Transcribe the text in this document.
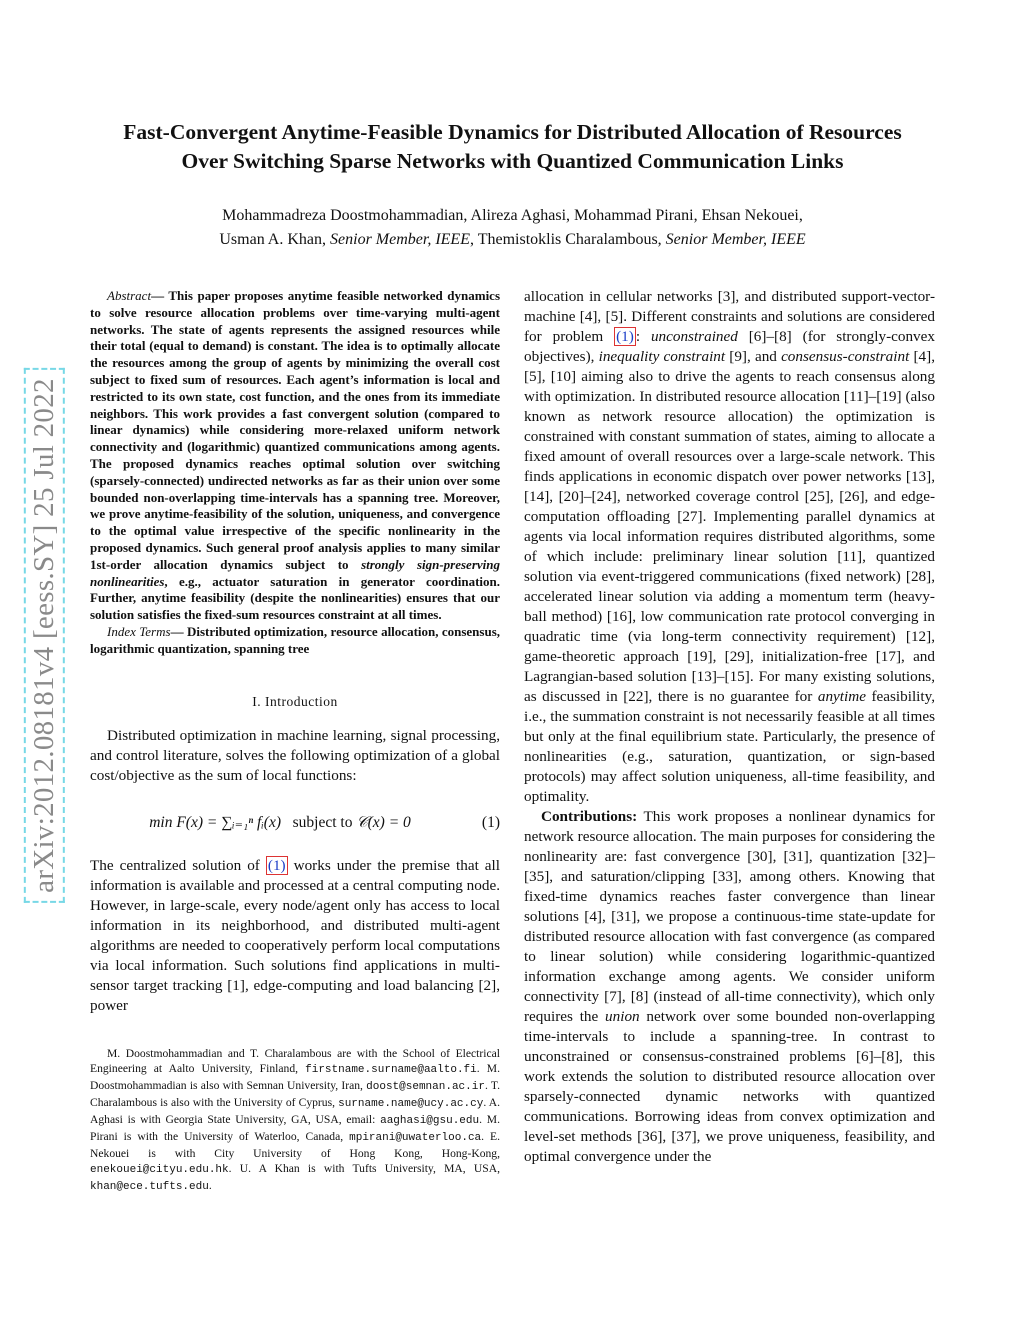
arXiv:2012.08181v4 [eess.SY] 25 Jul 2022
Fast-Convergent Anytime-Feasible Dynamics for Distributed Allocation of Resources
Over Switching Sparse Networks with Quantized Communication Links
Mohammadreza Doostmohammadian, Alireza Aghasi, Mohammad Pirani, Ehsan Nekouei,
Usman A. Khan, Senior Member, IEEE, Themistoklis Charalambous, Senior Member, IEEE

Abstract— This paper proposes anytime feasible networked dynamics to solve resource allocation problems over time-varying multi-agent networks. The state of agents represents the assigned resources while their total (equal to demand) is constant. The idea is to optimally allocate the resources among the group of agents by minimizing the overall cost subject to fixed sum of resources. Each agent’s information is local and restricted to its own state, cost function, and the ones from its immediate neighbors. This work provides a fast convergent solution (compared to linear dynamics) while considering more-relaxed uniform network connectivity and (logarithmic) quantized communications among agents. The proposed dynamics reaches optimal solution over switching (sparsely-connected) undirected networks as far as their union over some bounded non-overlapping time-intervals has a spanning tree. Moreover, we prove anytime-feasibility of the solution, uniqueness, and convergence to the optimal value irrespective of the specific nonlinearity in the proposed dynamics. Such general proof analysis applies to many similar 1st-order allocation dynamics subject to strongly sign-preserving nonlinearities, e.g., actuator saturation in generator coordination. Further, anytime feasibility (despite the nonlinearities) ensures that our solution satisfies the fixed-sum resources constraint at all times.

Index Terms— Distributed optimization, resource allocation, consensus, logarithmic quantization, spanning tree

I. Introduction

Distributed optimization in machine learning, signal processing, and control literature, solves the following optimization of a global cost/objective as the sum of local functions:

min F(x) = ∑ᵢ₌₁ⁿ fᵢ(x) subject to 𝒞(x) = 0	(1)

The centralized solution of (1) works under the premise that all information is available and processed at a central computing node. However, in large-scale, every node/agent only has access to local information in its neighborhood, and distributed multi-agent algorithms are needed to cooperatively perform local computations via local information. Such solutions find applications in multi-sensor target tracking [1], edge-computing and load balancing [2], power

M. Doostmohammadian and T. Charalambous are with the School of Electrical Engineering at Aalto University, Finland, firstname.surname@aalto.fi. M. Doostmohammadian is also with Semnan University, Iran, doost@semnan.ac.ir. T. Charalambous is also with the University of Cyprus, surname.name@ucy.ac.cy. A. Aghasi is with Georgia State University, GA, USA, email: aaghasi@gsu.edu. M. Pirani is with the University of Waterloo, Canada, mpirani@uwaterloo.ca. E. Nekouei is with City University of Hong Kong, Hong-Kong, enekouei@cityu.edu.hk. U. A Khan is with Tufts University, MA, USA, khan@ece.tufts.edu.

allocation in cellular networks [3], and distributed support-vector-machine [4], [5]. Different constraints and solutions are considered for problem (1) : unconstrained [6]–[8] (for strongly-convex objectives), inequality constraint [9], and consensus-constraint [4], [5], [10] aiming also to drive the agents to reach consensus along with optimization. In distributed resource allocation [11]–[19] (also known as network resource allocation) the optimization is constrained with constant summation of states, aiming to allocate a fixed amount of overall resources over a large-scale network. This finds applications in economic dispatch over power networks [13], [14], [20]–[24], networked coverage control [25], [26], and edge-computation offloading [27]. Implementing parallel dynamics at agents via local information requires distributed algorithms, some of which include: preliminary linear solution [11], quantized solution via event-triggered communications (fixed network) [28], accelerated linear solution via adding a momentum term (heavy-ball method) [16], low communication rate protocol converging in quadratic time (via long-term connectivity requirement) [12], game-theoretic approach [19], [29], initialization-free [17], and Lagrangian-based solution [13]–[15]. For many existing solutions, as discussed in [22], there is no guarantee for anytime feasibility, i.e., the summation constraint is not necessarily feasible at all times but only at the final equilibrium state. Particularly, the presence of nonlinearities (e.g., saturation, quantization, or sign-based protocols) may affect solution uniqueness, all-time feasibility, and optimality.

Contributions: This work proposes a nonlinear dynamics for network resource allocation. The main purposes for considering the nonlinearity are: fast convergence [30], [31], quantization [32]–[35], and saturation/clipping [33], among others. Knowing that fixed-time dynamics reaches faster convergence than linear solutions [4], [31], we propose a continuous-time state-update for distributed resource allocation with fast convergence (as compared to linear solution) while considering logarithmic-quantized information exchange among agents. We consider uniform connectivity [7], [8] (instead of all-time connectivity), which only requires the union network over some bounded non-overlapping time-intervals to include a spanning-tree. In contrast to unconstrained or consensus-constrained problems [6]–[8], this work extends the solution to distributed resource allocation over sparsely-connected dynamic networks with quantized communications. Borrowing ideas from convex optimization and level-set methods [36], [37], we prove uniqueness, feasibility, and optimal convergence under the
